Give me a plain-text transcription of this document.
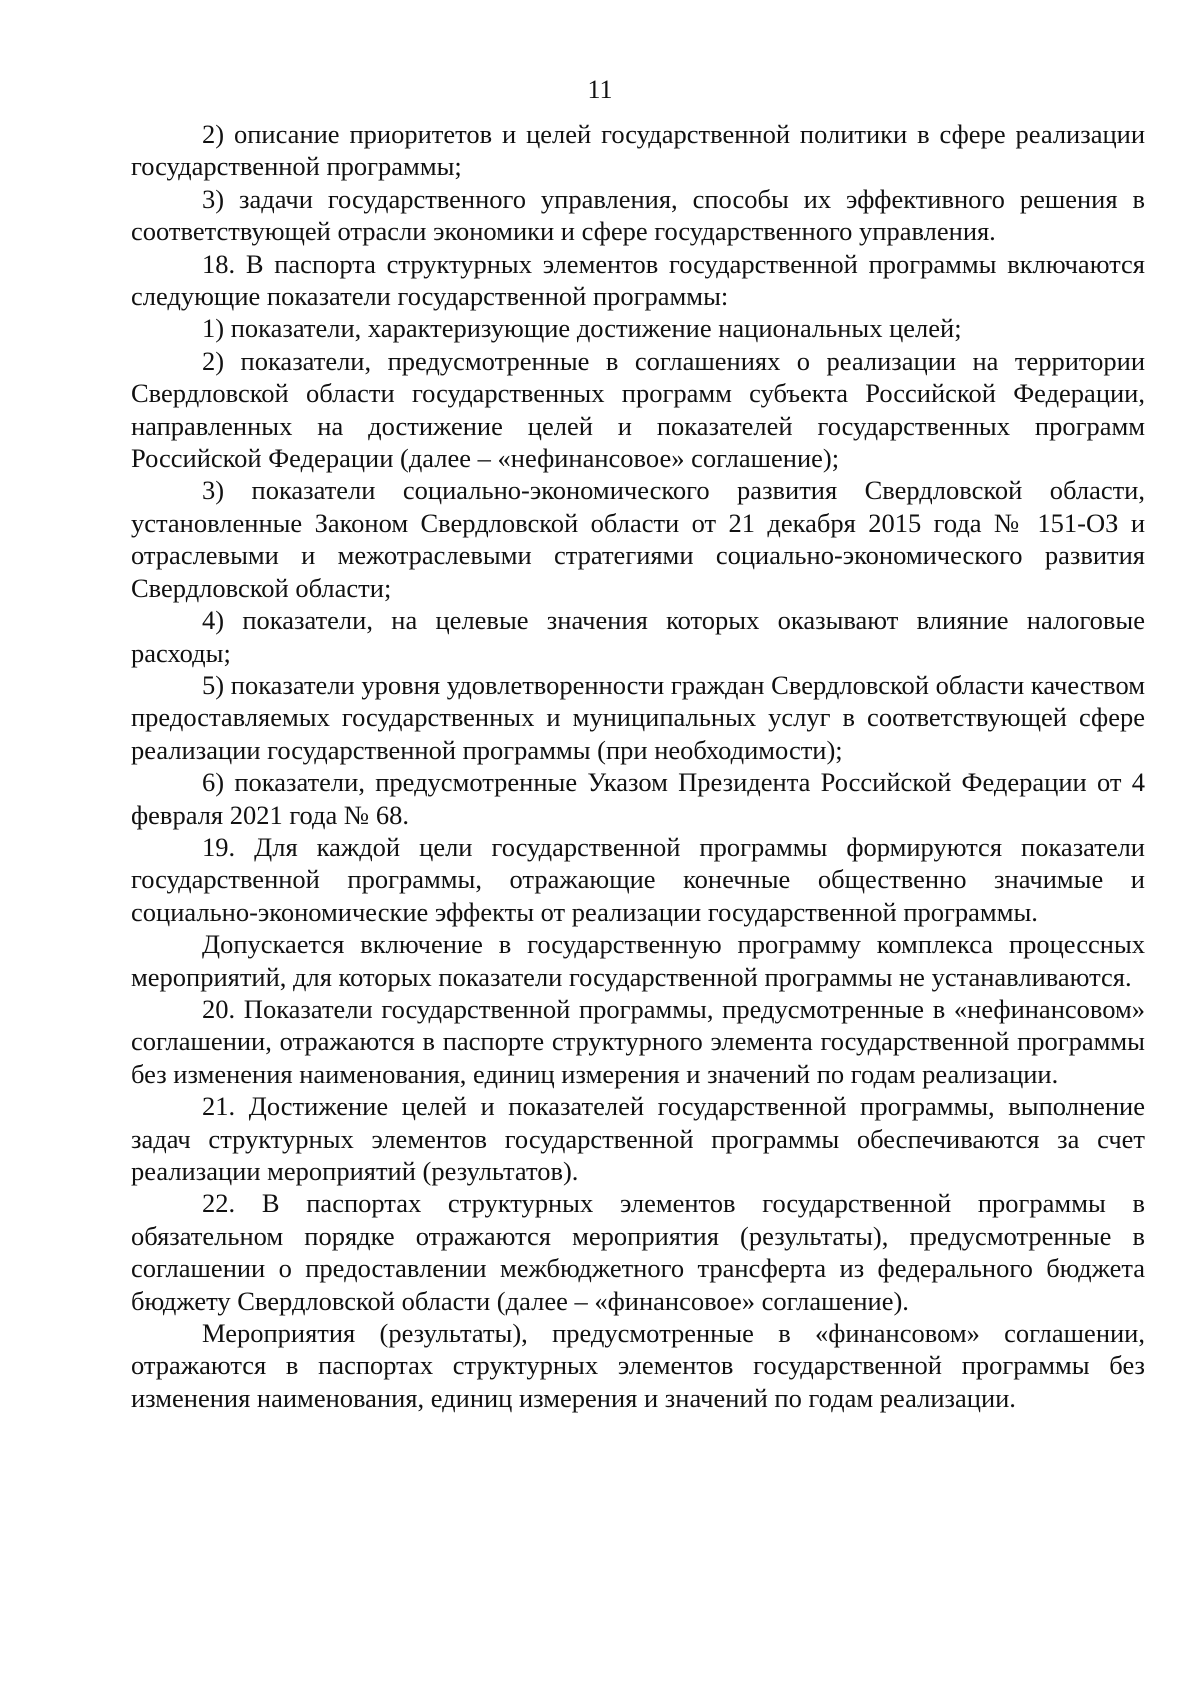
11

2) описание приоритетов и целей государственной политики в сфере реализации государственной программы;

3) задачи государственного управления, способы их эффективного решения в соответствующей отрасли экономики и сфере государственного управления.

18. В паспорта структурных элементов государственной программы включаются следующие показатели государственной программы:

1) показатели, характеризующие достижение национальных целей;

2) показатели, предусмотренные в соглашениях о реализации на территории Свердловской области государственных программ субъекта Российской Федерации, направленных на достижение целей и показателей государственных программ Российской Федерации (далее – «нефинансовое» соглашение);

3) показатели социально-экономического развития Свердловской области, установленные Законом Свердловской области от 21 декабря 2015 года № 151-ОЗ и отраслевыми и межотраслевыми стратегиями социально-экономического развития Свердловской области;

4) показатели, на целевые значения которых оказывают влияние налоговые расходы;

5) показатели уровня удовлетворенности граждан Свердловской области качеством предоставляемых государственных и муниципальных услуг в соответствующей сфере реализации государственной программы (при необходимости);

6) показатели, предусмотренные Указом Президента Российской Федерации от 4 февраля 2021 года № 68.

19. Для каждой цели государственной программы формируются показатели государственной программы, отражающие конечные общественно значимые и социально-экономические эффекты от реализации государственной программы.

Допускается включение в государственную программу комплекса процессных мероприятий, для которых показатели государственной программы не устанавливаются.

20. Показатели государственной программы, предусмотренные в «нефинансовом» соглашении, отражаются в паспорте структурного элемента государственной программы без изменения наименования, единиц измерения и значений по годам реализации.

21. Достижение целей и показателей государственной программы, выполнение задач структурных элементов государственной программы обеспечиваются за счет реализации мероприятий (результатов).

22. В паспортах структурных элементов государственной программы в обязательном порядке отражаются мероприятия (результаты), предусмотренные в соглашении о предоставлении межбюджетного трансферта из федерального бюджета бюджету Свердловской области (далее – «финансовое» соглашение).

Мероприятия (результаты), предусмотренные в «финансовом» соглашении, отражаются в паспортах структурных элементов государственной программы без изменения наименования, единиц измерения и значений по годам реализации.
